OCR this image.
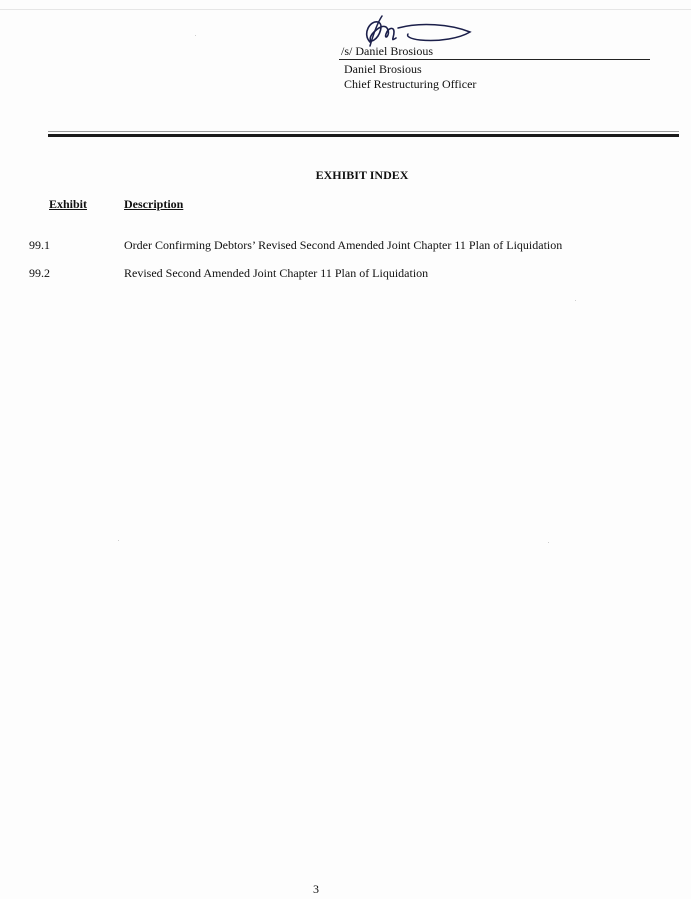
/s/ Daniel Brosious
Daniel Brosious
Chief Restructuring Officer
EXHIBIT INDEX
Exhibit	Description
99.1	Order Confirming Debtors’ Revised Second Amended Joint Chapter 11 Plan of Liquidation
99.2	Revised Second Amended Joint Chapter 11 Plan of Liquidation
3
